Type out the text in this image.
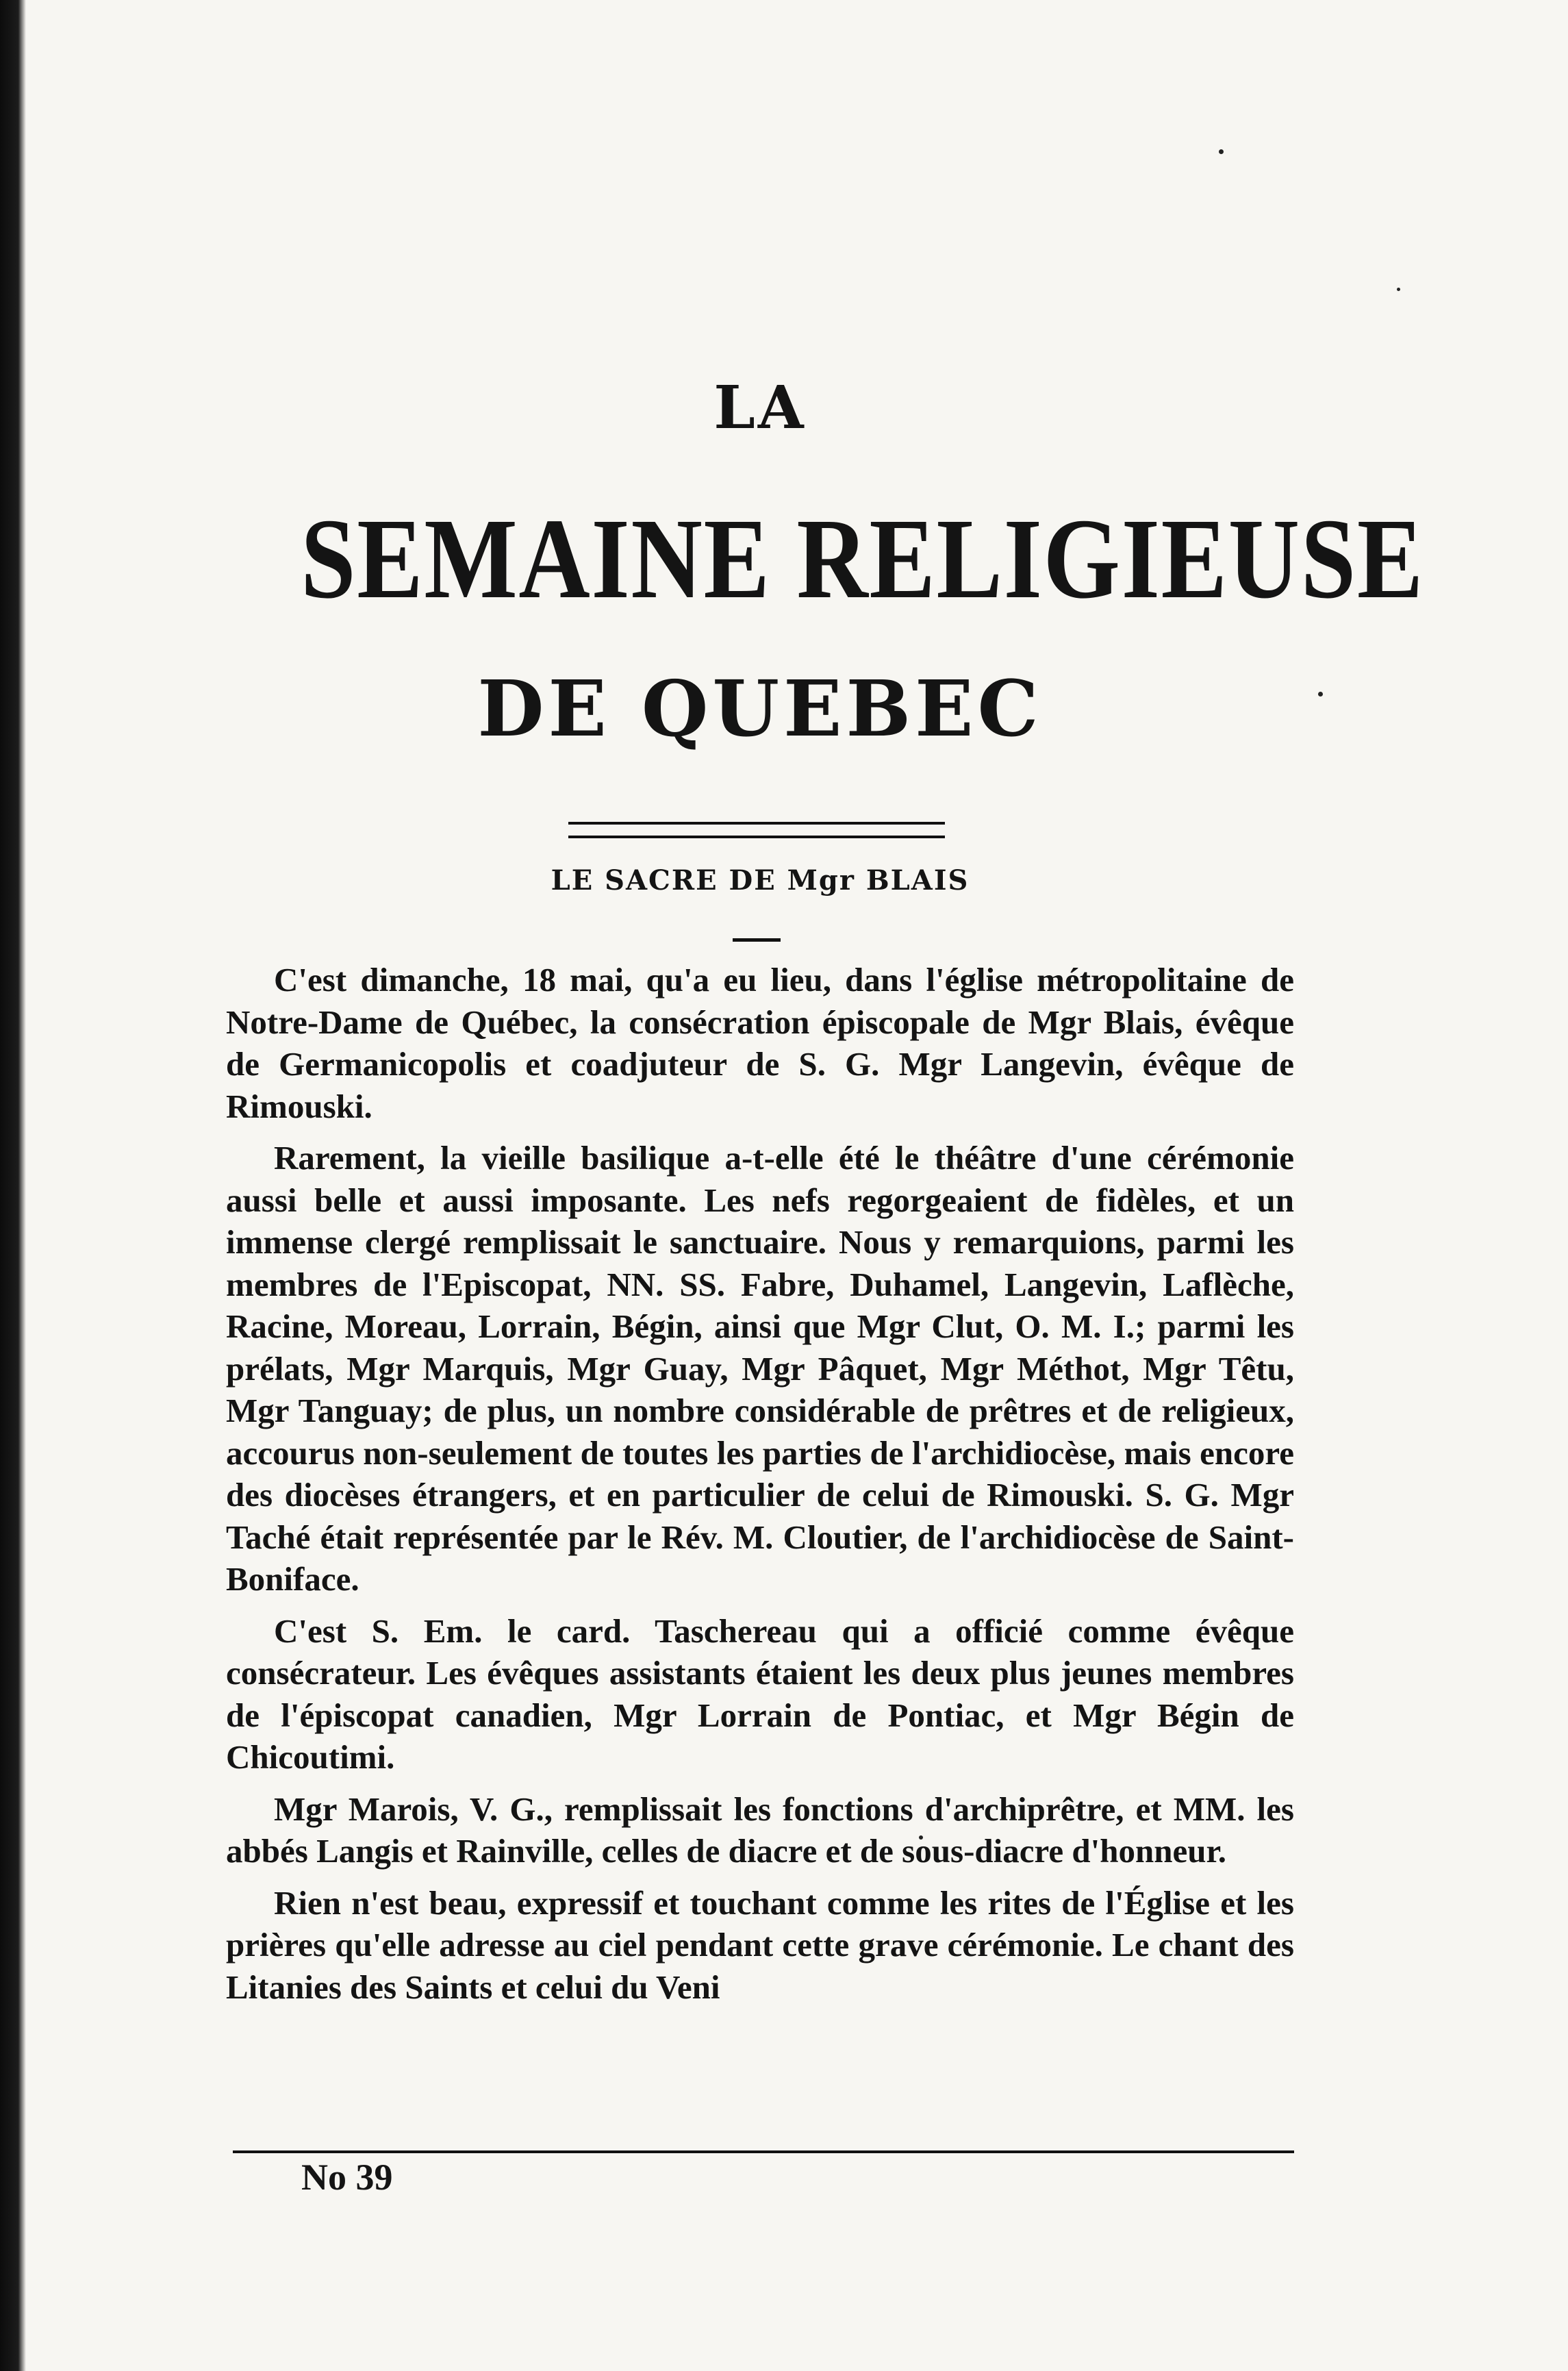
LA
SEMAINE RELIGIEUSE
DE QUEBEC
LE SACRE DE Mgr BLAIS

C'est dimanche, 18 mai, qu'a eu lieu, dans l'église métropolitaine de Notre-Dame de Québec, la consécration épiscopale de Mgr Blais, évêque de Germanicopolis et coadjuteur de S. G. Mgr Langevin, évêque de Rimouski.

Rarement, la vieille basilique a-t-elle été le théâtre d'une cérémonie aussi belle et aussi imposante. Les nefs regorgeaient de fidèles, et un immense clergé remplissait le sanctuaire. Nous y remarquions, parmi les membres de l'Episcopat, NN. SS. Fabre, Duhamel, Langevin, Laflèche, Racine, Moreau, Lorrain, Bégin, ainsi que Mgr Clut, O. M. I.; parmi les prélats, Mgr Marquis, Mgr Guay, Mgr Pâquet, Mgr Méthot, Mgr Têtu, Mgr Tanguay; de plus, un nombre considérable de prêtres et de religieux, accourus non-seulement de toutes les parties de l'archidiocèse, mais encore des diocèses étrangers, et en particulier de celui de Rimouski. S. G. Mgr Taché était représentée par le Rév. M. Cloutier, de l'archidiocèse de Saint-Boniface.

C'est S. Em. le card. Taschereau qui a officié comme évêque consécrateur. Les évêques assistants étaient les deux plus jeunes membres de l'épiscopat canadien, Mgr Lorrain de Pontiac, et Mgr Bégin de Chicoutimi.

Mgr Marois, V. G., remplissait les fonctions d'archiprêtre, et MM. les abbés Langis et Rainville, celles de diacre et de sous-diacre d'honneur.

Rien n'est beau, expressif et touchant comme les rites de l'Église et les prières qu'elle adresse au ciel pendant cette grave cérémonie. Le chant des Litanies des Saints et celui du Veni

No 39
